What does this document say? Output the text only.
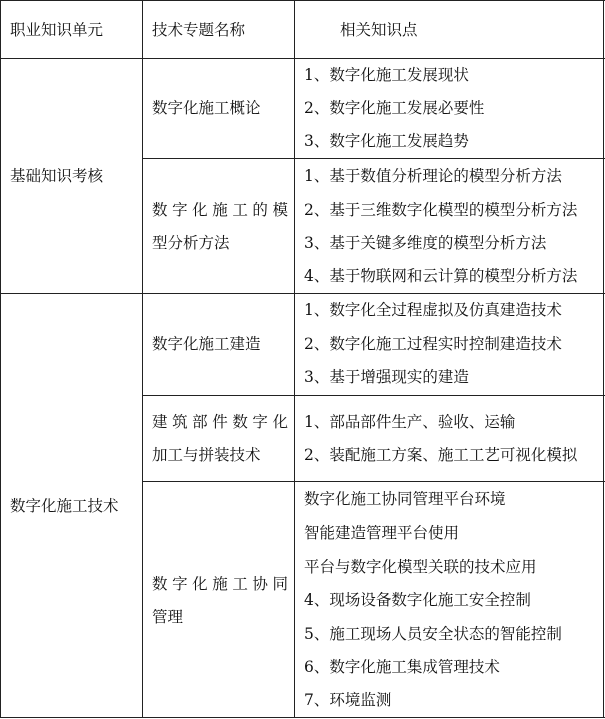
职业知识单元	技术专题名称	相关知识点
基础知识考核
数字化施工概论
1、数字化施工发展现状
2、数字化施工发展必要性
3、数字化施工发展趋势
数字化施工的模
型分析方法
1、基于数值分析理论的模型分析方法
2、基于三维数字化模型的模型分析方法
3、基于关键多维度的模型分析方法
4、基于物联网和云计算的模型分析方法
数字化施工技术
数字化施工建造
1、数字化全过程虚拟及仿真建造技术
2、数字化施工过程实时控制建造技术
3、基于增强现实的建造
建筑部件数字化
加工与拼装技术
1、部品部件生产、验收、运输
2、装配施工方案、施工工艺可视化模拟
数字化施工协同
管理
数字化施工协同管理平台环境
智能建造管理平台使用
平台与数字化模型关联的技术应用
4、现场设备数字化施工安全控制
5、施工现场人员安全状态的智能控制
6、数字化施工集成管理技术
7、环境监测
